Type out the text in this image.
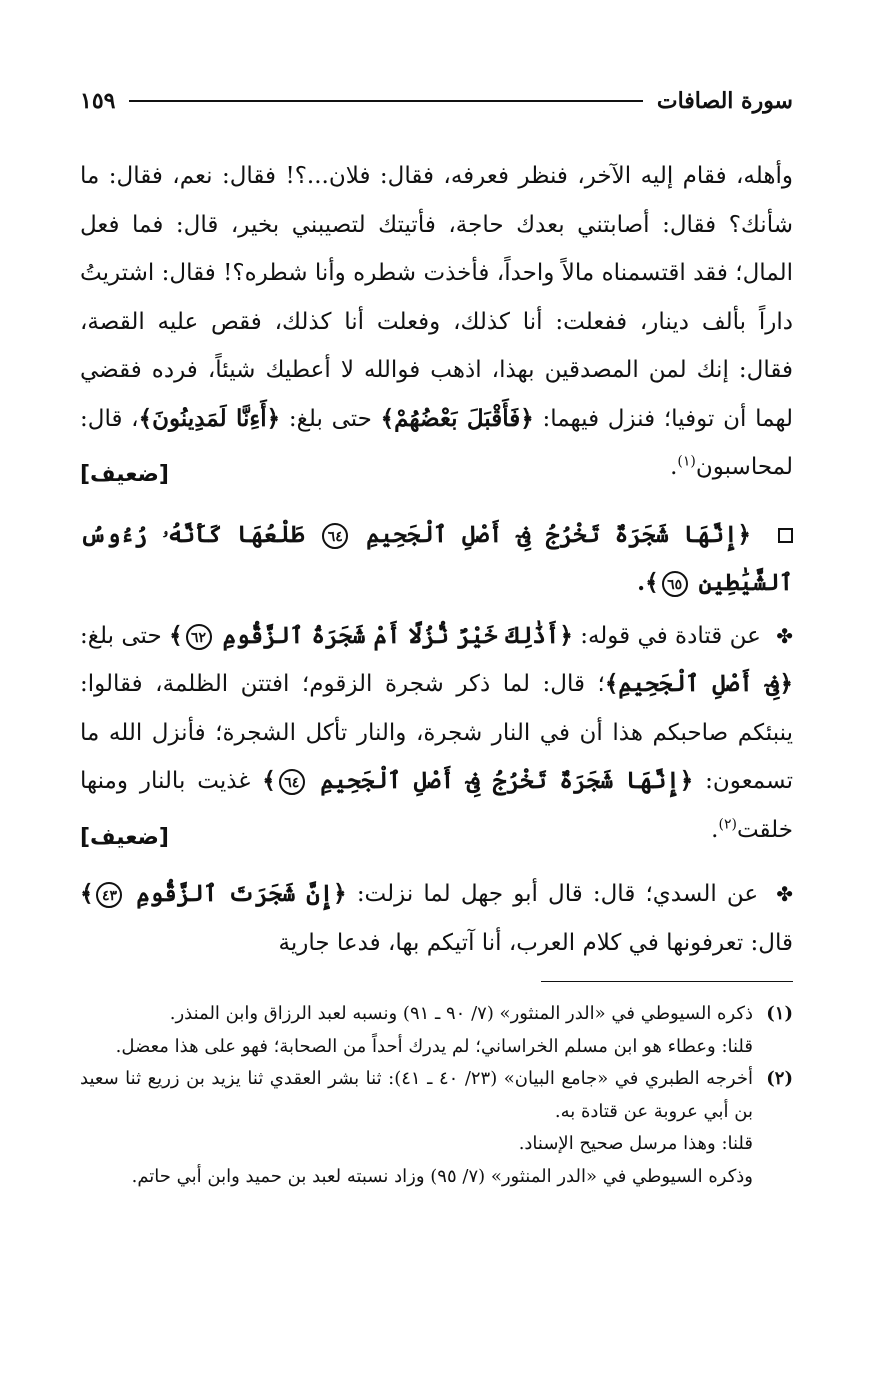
سورة الصافات
١٥٩

وأهله، فقام إليه الآخر، فنظر فعرفه، فقال: فلان...؟! فقال: نعم، فقال: ما شأنك؟ فقال: أصابتني بعدك حاجة، فأتيتك لتصيبني بخير، قال: فما فعل المال؛ فقد اقتسمناه مالاً واحداً، فأخذت شطره وأنا شطره؟! فقال: اشتريتُ داراً بألف دينار، ففعلت: أنا كذلك، وفعلت أنا كذلك، فقص عليه القصة، فقال: إنك لمن المصدقين بهذا، اذهب فوالله لا أعطيك شيئاً، فرده فقضي لهما أن توفيا؛ فنزل فيهما: ﴿فَأَقْبَلَ بَعْضُهُمْ﴾ حتى بلغ: ﴿أَءِنَّا لَمَدِينُونَ﴾، قال: لمحاسبون$^{(١)}$.
[ضعيف]

﴿إِنَّهَا شَجَرَةٌ تَخْرُجُ فِىٓ أَصْلِ ٱلْجَحِيمِ ٦٤ طَلْعُهَا كَأَنَّهُۥ رُءُوسُ ٱلشَّيَٰطِينِ ٦٥﴾.

✤ عن قتادة في قوله: ﴿أَذَٰلِكَ خَيْرٌ نُّزُلًا أَمْ شَجَرَةُ ٱلزَّقُّومِ ٦٢﴾ حتى بلغ: ﴿فِىٓ أَصْلِ ٱلْجَحِيمِ﴾؛ قال: لما ذكر شجرة الزقوم؛ افتتن الظلمة، فقالوا: ينبئكم صاحبكم هذا أن في النار شجرة، والنار تأكل الشجرة؛ فأنزل الله ما تسمعون: ﴿إِنَّهَا شَجَرَةٌ تَخْرُجُ فِىٓ أَصْلِ ٱلْجَحِيمِ ٦٤﴾ غذيت بالنار ومنها خلقت$^{(٢)}$.
[ضعيف]

✤ عن السدي؛ قال: قال أبو جهل لما نزلت: ﴿إِنَّ شَجَرَتَ ٱلزَّقُّومِ ٤٣﴾ قال: تعرفونها في كلام العرب، أنا آتيكم بها، فدعا جارية

(١)
ذكره السيوطي في «الدر المنثور» (٧/ ٩٠ ـ ٩١) ونسبه لعبد الرزاق وابن المنذر.
قلنا: وعطاء هو ابن مسلم الخراساني؛ لم يدرك أحداً من الصحابة؛ فهو على هذا معضل.
(٢)
أخرجه الطبري في «جامع البيان» (٢٣/ ٤٠ ـ ٤١): ثنا بشر العقدي ثنا يزيد بن زريع ثنا سعيد بن أبي عروبة عن قتادة به.
قلنا: وهذا مرسل صحيح الإسناد.
وذكره السيوطي في «الدر المنثور» (٧/ ٩٥) وزاد نسبته لعبد بن حميد وابن أبي حاتم.
